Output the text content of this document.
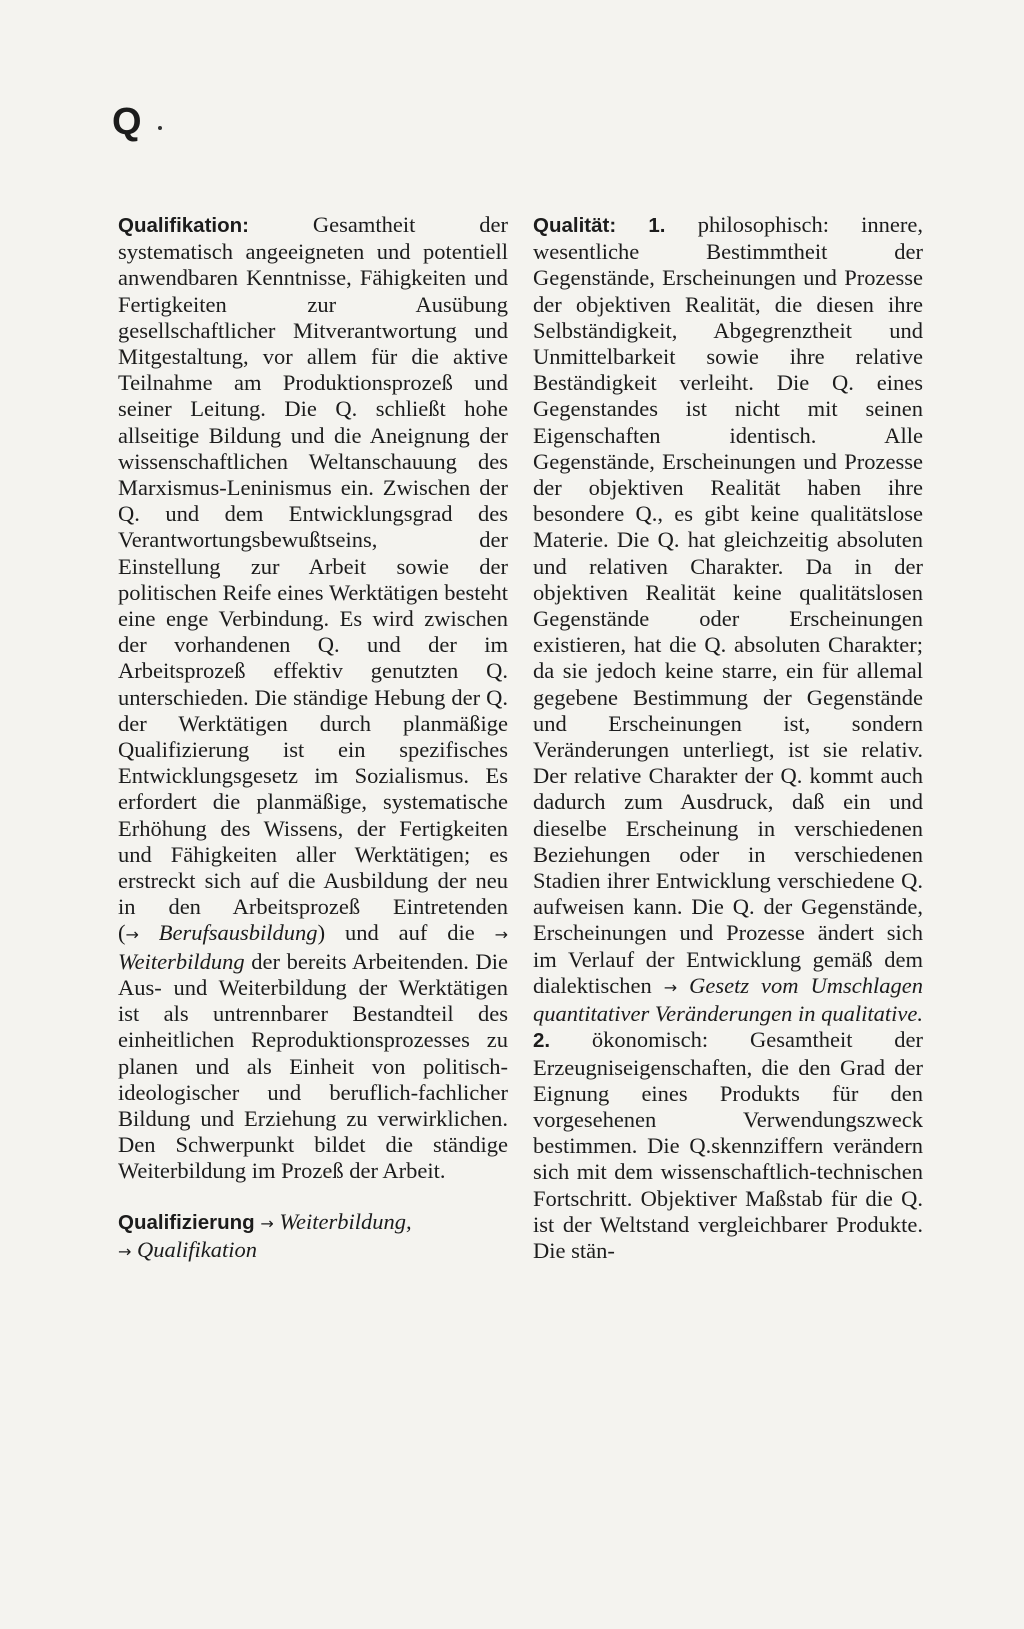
Q

Qualifikation: Gesamtheit der systematisch angeeigneten und potentiell anwendbaren Kenntnisse, Fähigkeiten und Fertigkeiten zur Ausübung gesellschaftlicher Mitverantwortung und Mitgestaltung, vor allem für die aktive Teilnahme am Produktionsprozeß und seiner Leitung. Die Q. schließt hohe allseitige Bildung und die Aneignung der wissenschaftlichen Weltanschauung des Marxismus-Leninismus ein. Zwischen der Q. und dem Entwicklungsgrad des Verantwortungsbewußtseins, der Einstellung zur Arbeit sowie der politischen Reife eines Werktätigen besteht eine enge Verbindung. Es wird zwischen der vorhandenen Q. und der im Arbeitsprozeß effektiv genutzten Q. unterschieden. Die ständige Hebung der Q. der Werktätigen durch planmäßige Qualifizierung ist ein spezifisches Entwicklungsgesetz im Sozialismus. Es erfordert die planmäßige, systematische Erhöhung des Wissens, der Fertigkeiten und Fähigkeiten aller Werktätigen; es erstreckt sich auf die Ausbildung der neu in den Arbeitsprozeß Eintretenden (→ Berufsausbildung) und auf die → Weiterbildung der bereits Arbeitenden. Die Aus- und Weiterbildung der Werktätigen ist als untrennbarer Bestandteil des einheitlichen Reproduktionsprozesses zu planen und als Einheit von politisch-ideologischer und beruflich-fachlicher Bildung und Erziehung zu verwirklichen. Den Schwerpunkt bildet die ständige Weiterbildung im Prozeß der Arbeit.

Qualifizierung → Weiterbildung,
→ Qualifikation

Qualität: 1. philosophisch: innere, wesentliche Bestimmtheit der Gegenstände, Erscheinungen und Prozesse der objektiven Realität, die diesen ihre Selbständigkeit, Abgegrenztheit und Unmittelbarkeit sowie ihre relative Beständigkeit verleiht. Die Q. eines Gegenstandes ist nicht mit seinen Eigenschaften identisch. Alle Gegenstände, Erscheinungen und Prozesse der objektiven Realität haben ihre besondere Q., es gibt keine qualitätslose Materie. Die Q. hat gleichzeitig absoluten und relativen Charakter. Da in der objektiven Realität keine qualitätslosen Gegenstände oder Erscheinungen existieren, hat die Q. absoluten Charakter; da sie jedoch keine starre, ein für allemal gegebene Bestimmung der Gegenstände und Erscheinungen ist, sondern Veränderungen unterliegt, ist sie relativ. Der relative Charakter der Q. kommt auch dadurch zum Ausdruck, daß ein und dieselbe Erscheinung in verschiedenen Beziehungen oder in verschiedenen Stadien ihrer Entwicklung verschiedene Q. aufweisen kann. Die Q. der Gegenstände, Erscheinungen und Prozesse ändert sich im Verlauf der Entwicklung gemäß dem dialektischen → Gesetz vom Umschlagen quantitativer Veränderungen in qualitative. 2. ökonomisch: Gesamtheit der Erzeugniseigenschaften, die den Grad der Eignung eines Produkts für den vorgesehenen Verwendungszweck bestimmen. Die Q.skennziffern verändern sich mit dem wissenschaftlich-technischen Fortschritt. Objektiver Maßstab für die Q. ist der Weltstand vergleichbarer Produkte. Die stän-
